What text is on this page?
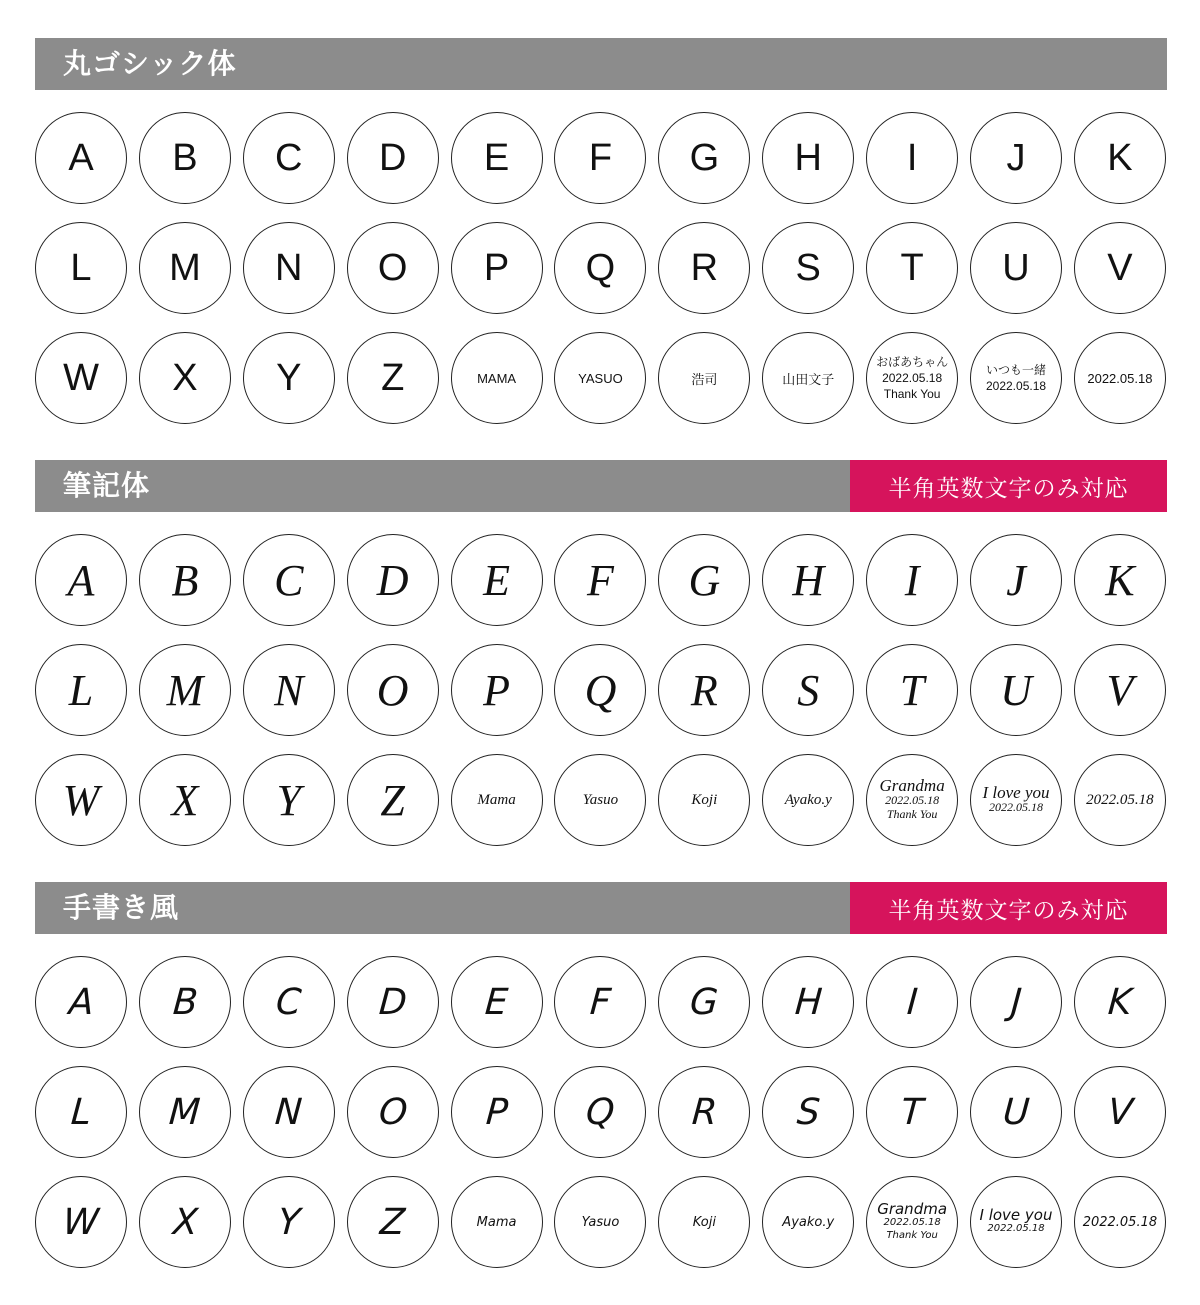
丸ゴシック体
A B C D E F G H I J K
L M N O P Q R S T U V
W X Y Z	MAMA	YASUO	浩司	山田文子
おばあちゃん
2022.05.18
Thank You
いつも一緒
2022.05.18
2022.05.18
筆記体	半角英数文字のみ対応
A B C D E F G H I J K
L M N O P Q R S T U V
W X Y Z	Mama	Yasuo	Koji	Ayako.y
Grandma
2022.05.18
Thank You
I love you
2022.05.18	2022.05.18
手書き風	半角英数文字のみ対応
A B C D E F G H I	J K
L M N O P Q R S T U V
W X Y Z	Mama	Yasuo	Koji	Ayako.y
Grandma
2022.05.18
Thank You
I love you
2022.05.18	2022.05.18
